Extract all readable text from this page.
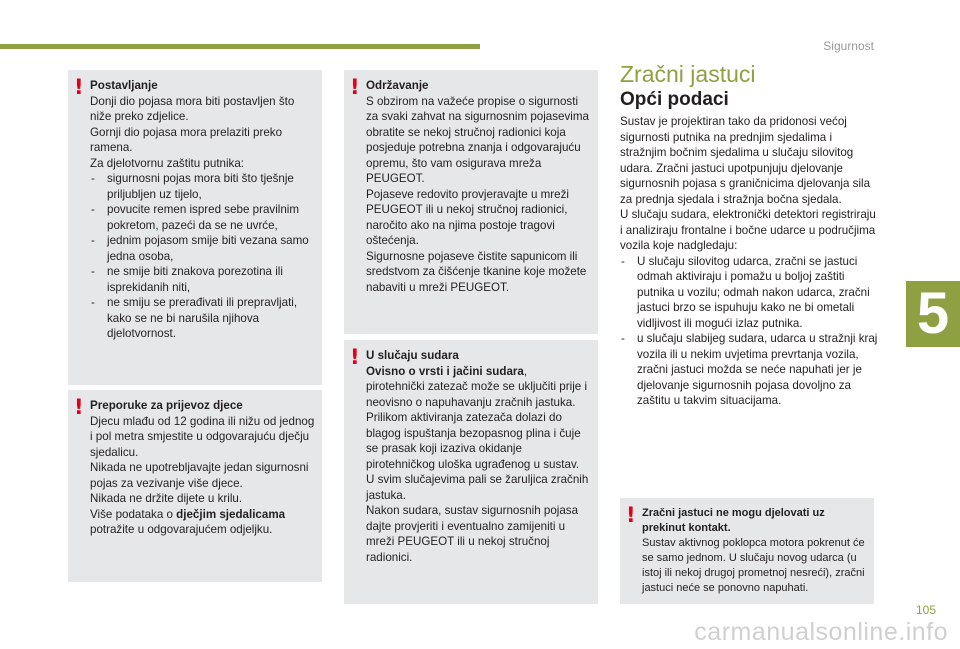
Sigurnost
5
! Postavljanje

Donji dio pojasa mora biti postavljen što niže preko zdjelice.

Gornji dio pojasa mora prelaziti preko ramena.

Za djelotvornu zaštitu putnika:

- sigurnosni pojas mora biti što tješnje priljubljen uz tijelo,
- povucite remen ispred sebe pravilnim pokretom, pazeći da se ne uvrće,
- jednim pojasom smije biti vezana samo jedna osoba,
- ne smije biti znakova porezotina ili isprekidanih niti,
- ne smiju se prerađivati ili prepravljati, kako se ne bi narušila njihova djelotvornost.
! Preporuke za prijevoz djece

Djecu mlađu od 12 godina ili nižu od jednog i pol metra smjestite u odgovarajuću dječju sjedalicu.

Nikada ne upotrebljavajte jedan sigurnosni pojas za vezivanje više djece.

Nikada ne držite dijete u krilu.

Više podataka o dječjim sjedalicama potražite u odgovarajućem odjeljku.

! Održavanje

S obzirom na važeće propise o sigurnosti za svaki zahvat na sigurnosnim pojasevima obratite se nekoj stručnoj radionici koja posjeduje potrebna znanja i odgovarajuću opremu, što vam osigurava mreža PEUGEOT.

Pojaseve redovito provjeravajte u mreži PEUGEOT ili u nekoj stručnoj radionici, naročito ako na njima postoje tragovi oštećenja.

Sigurnosne pojaseve čistite sapunicom ili sredstvom za čišćenje tkanine koje možete nabaviti u mreži PEUGEOT.

! U slučaju sudara

Ovisno o vrsti i jačini sudara,

pirotehnički zatezač može se uključiti prije i neovisno o napuhavanju zračnih jastuka. Prilikom aktiviranja zatezača dolazi do blagog ispuštanja bezopasnog plina i čuje se prasak koji izaziva okidanje pirotehničkog uloška ugrađenog u sustav.

U svim slučajevima pali se žaruljica zračnih jastuka.

Nakon sudara, sustav sigurnosnih pojasa dajte provjeriti i eventualno zamijeniti u mreži PEUGEOT ili u nekoj stručnoj radionici.

Zračni jastuci
Opći podaci

Sustav je projektiran tako da pridonosi većoj sigurnosti putnika na prednjim sjedalima i stražnjim bočnim sjedalima u slučaju silovitog udara. Zračni jastuci upotpunjuju djelovanje sigurnosnih pojasa s graničnicima djelovanja sila za prednja sjedala i stražnja bočna sjedala.

U slučaju sudara, elektronički detektori registriraju i analiziraju frontalne i bočne udarce u područjima vozila koje nadgledaju:

- U slučaju silovitog udarca, zračni se jastuci odmah aktiviraju i pomažu u boljoj zaštiti putnika u vozilu; odmah nakon udarca, zračni jastuci brzo se ispuhuju kako ne bi ometali vidljivost ili mogući izlaz putnika.
- u slučaju slabijeg sudara, udarca u stražnji kraj vozila ili u nekim uvjetima prevrtanja vozila, zračni jastuci možda se neće napuhati jer je djelovanje sigurnosnih pojasa dovoljno za zaštitu u takvim situacijama.
! Zračni jastuci ne mogu djelovati uz prekinut kontakt.

Sustav aktivnog poklopca motora pokrenut će se samo jednom. U slučaju novog udarca (u istoj ili nekoj drugoj prometnoj nesreći), zračni jastuci neće se ponovno napuhati.

105
carmanualsonline.info
